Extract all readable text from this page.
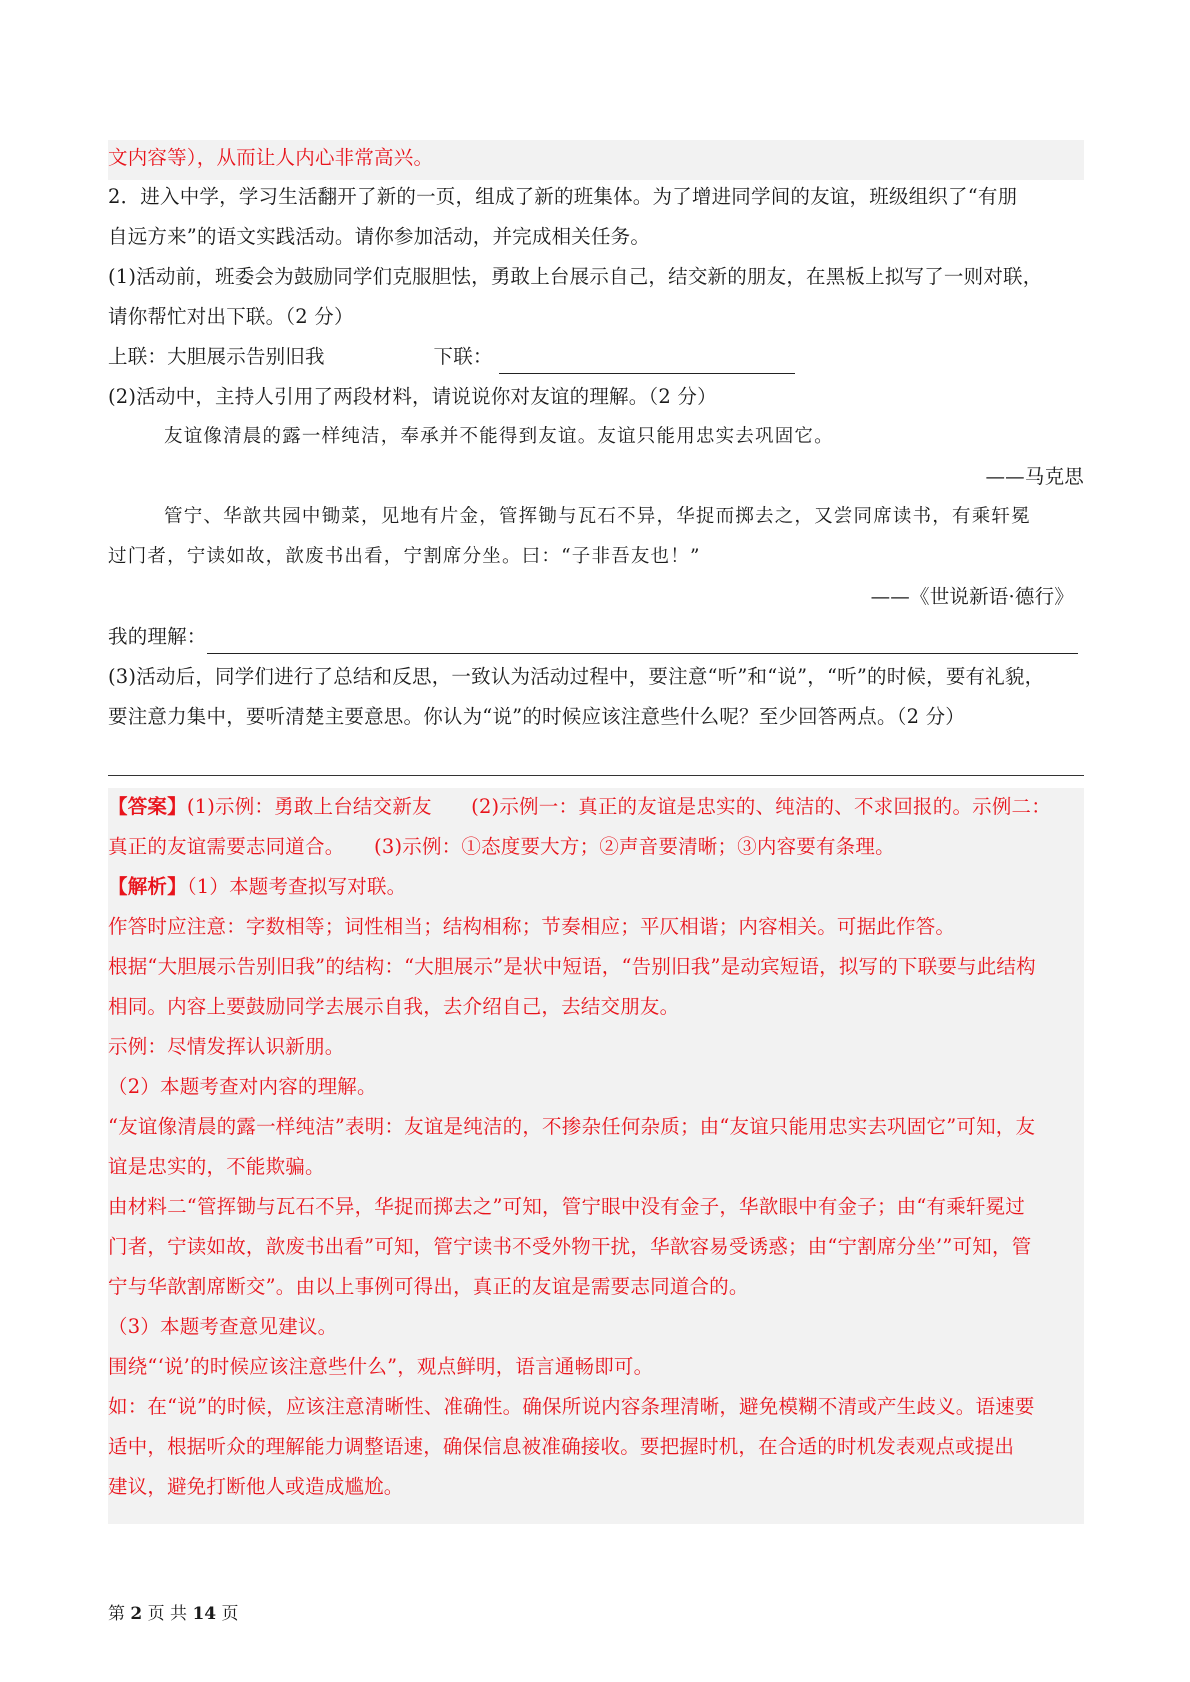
文内容等），从而让人内心非常高兴。
2．进入中学，学习生活翻开了新的一页，组成了新的班集体。为了增进同学间的友谊，班级组织了“有朋
自远方来”的语文实践活动。请你参加活动，并完成相关任务。
(1)活动前，班委会为鼓励同学们克服胆怯，勇敢上台展示自己，结交新的朋友，在黑板上拟写了一则对联，
请你帮忙对出下联。（2 分）
上联：大胆展示告别旧我	下联：
(2)活动中，主持人引用了两段材料，请说说你对友谊的理解。（2 分）
友谊像清晨的露一样纯洁，奉承并不能得到友谊。友谊只能用忠实去巩固它。
——马克思
管宁、华歆共园中锄菜，见地有片金，管挥锄与瓦石不异，华捉而掷去之，又尝同席读书，有乘轩冕
过门者，宁读如故，歆废书出看，宁割席分坐。曰：“子非吾友也！”
——《世说新语·德行》
我的理解：
(3)活动后，同学们进行了总结和反思，一致认为活动过程中，要注意“听”和“说”，“听”的时候，要有礼貌，
要注意力集中，要听清楚主要意思。你认为“说”的时候应该注意些什么呢？至少回答两点。（2 分）
【答案】(1)示例：勇敢上台结交新友　　(2)示例一：真正的友谊是忠实的、纯洁的、不求回报的。示例二：
真正的友谊需要志同道合。　　(3)示例：①态度要大方；②声音要清晰；③内容要有条理。
【解析】（1）本题考查拟写对联。
作答时应注意：字数相等；词性相当；结构相称；节奏相应；平仄相谐；内容相关。可据此作答。
根据“大胆展示告别旧我”的结构：“大胆展示”是状中短语，“告别旧我”是动宾短语，拟写的下联要与此结构
相同。内容上要鼓励同学去展示自我，去介绍自己，去结交朋友。
示例：尽情发挥认识新朋。
（2）本题考查对内容的理解。
“友谊像清晨的露一样纯洁”表明：友谊是纯洁的，不掺杂任何杂质；由“友谊只能用忠实去巩固它”可知，友
谊是忠实的，不能欺骗。
由材料二“管挥锄与瓦石不异，华捉而掷去之”可知，管宁眼中没有金子，华歆眼中有金子；由“有乘轩冕过
门者，宁读如故，歆废书出看”可知，管宁读书不受外物干扰，华歆容易受诱惑；由“宁割席分坐’”可知，管
宁与华歆割席断交”。由以上事例可得出，真正的友谊是需要志同道合的。
（3）本题考查意见建议。
围绕“‘说’的时候应该注意些什么”，观点鲜明，语言通畅即可。
如：在“说”的时候，应该注意清晰性、准确性。确保所说内容条理清晰，避免模糊不清或产生歧义。语速要
适中，根据听众的理解能力调整语速，确保信息被准确接收。要把握时机，在合适的时机发表观点或提出
建议，避免打断他人或造成尴尬。
第 2 页 共 14 页
